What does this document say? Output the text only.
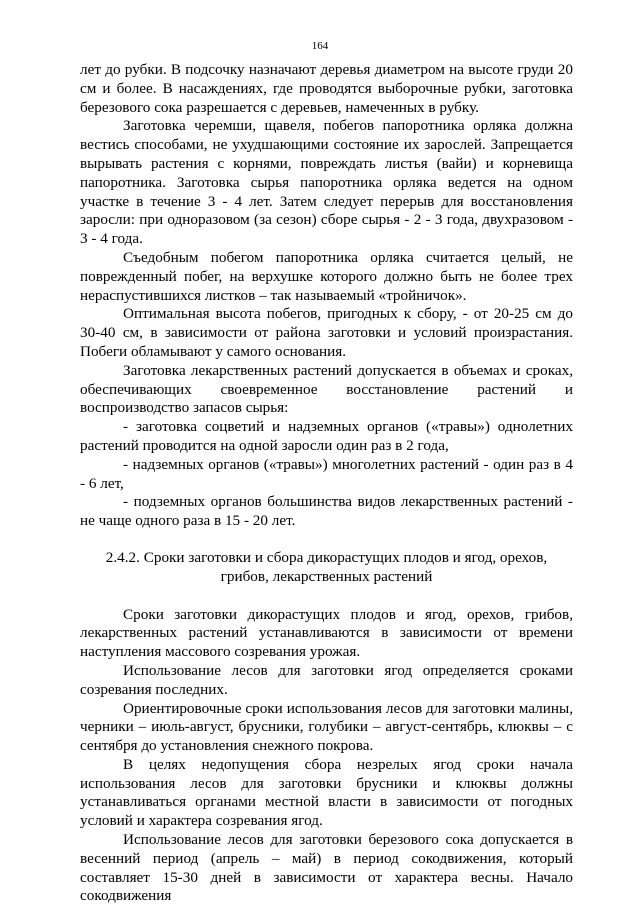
164

лет до рубки. В подсочку назначают деревья диаметром на высоте груди 20 см и более. В насаждениях, где проводятся выборочные рубки, заготовка березового сока разрешается с деревьев, намеченных в рубку.

Заготовка черемши, щавеля, побегов папоротника орляка должна вестись способами, не ухудшающими состояние их зарослей. Запрещается вырывать растения с корнями, повреждать листья (вайи) и корневища папоротника. Заготовка сырья папоротника орляка ведется на одном участке в течение 3 - 4 лет. Затем следует перерыв для восстановления заросли: при одноразовом (за сезон) сборе сырья - 2 - 3 года, двухразовом - 3 - 4 года.

Съедобным побегом папоротника орляка считается целый, не поврежденный побег, на верхушке которого должно быть не более трех нераспустившихся листков – так называемый «тройничок».

Оптимальная высота побегов, пригодных к сбору, - от 20-25 см до 30-40 см, в зависимости от района заготовки и условий произрастания. Побеги обламывают у самого основания.

Заготовка лекарственных растений допускается в объемах и сроках, обеспечивающих своевременное восстановление растений и воспроизводство запасов сырья:

- заготовка соцветий и надземных органов («травы») однолетних растений проводится на одной заросли один раз в 2 года,

- надземных органов («травы») многолетних растений - один раз в 4 - 6 лет,

- подземных органов большинства видов лекарственных растений - не чаще одного раза в 15 - 20 лет.

2.4.2. Сроки заготовки и сбора дикорастущих плодов и ягод, орехов,
грибов, лекарственных растений

Сроки заготовки дикорастущих плодов и ягод, орехов, грибов, лекарственных растений устанавливаются в зависимости от времени наступления массового созревания урожая.

Использование лесов для заготовки ягод определяется сроками созревания последних.

Ориентировочные сроки использования лесов для заготовки малины, черники – июль-август, брусники, голубики – август-сентябрь, клюквы – с сентября до установления снежного покрова.

В целях недопущения сбора незрелых ягод сроки начала использования лесов для заготовки брусники и клюквы должны устанавливаться органами местной власти в зависимости от погодных условий и характера созревания ягод.

Использование лесов для заготовки березового сока допускается в весенний период (апрель – май) в период сокодвижения, который составляет 15-30 дней в зависимости от характера весны. Начало сокодвижения
